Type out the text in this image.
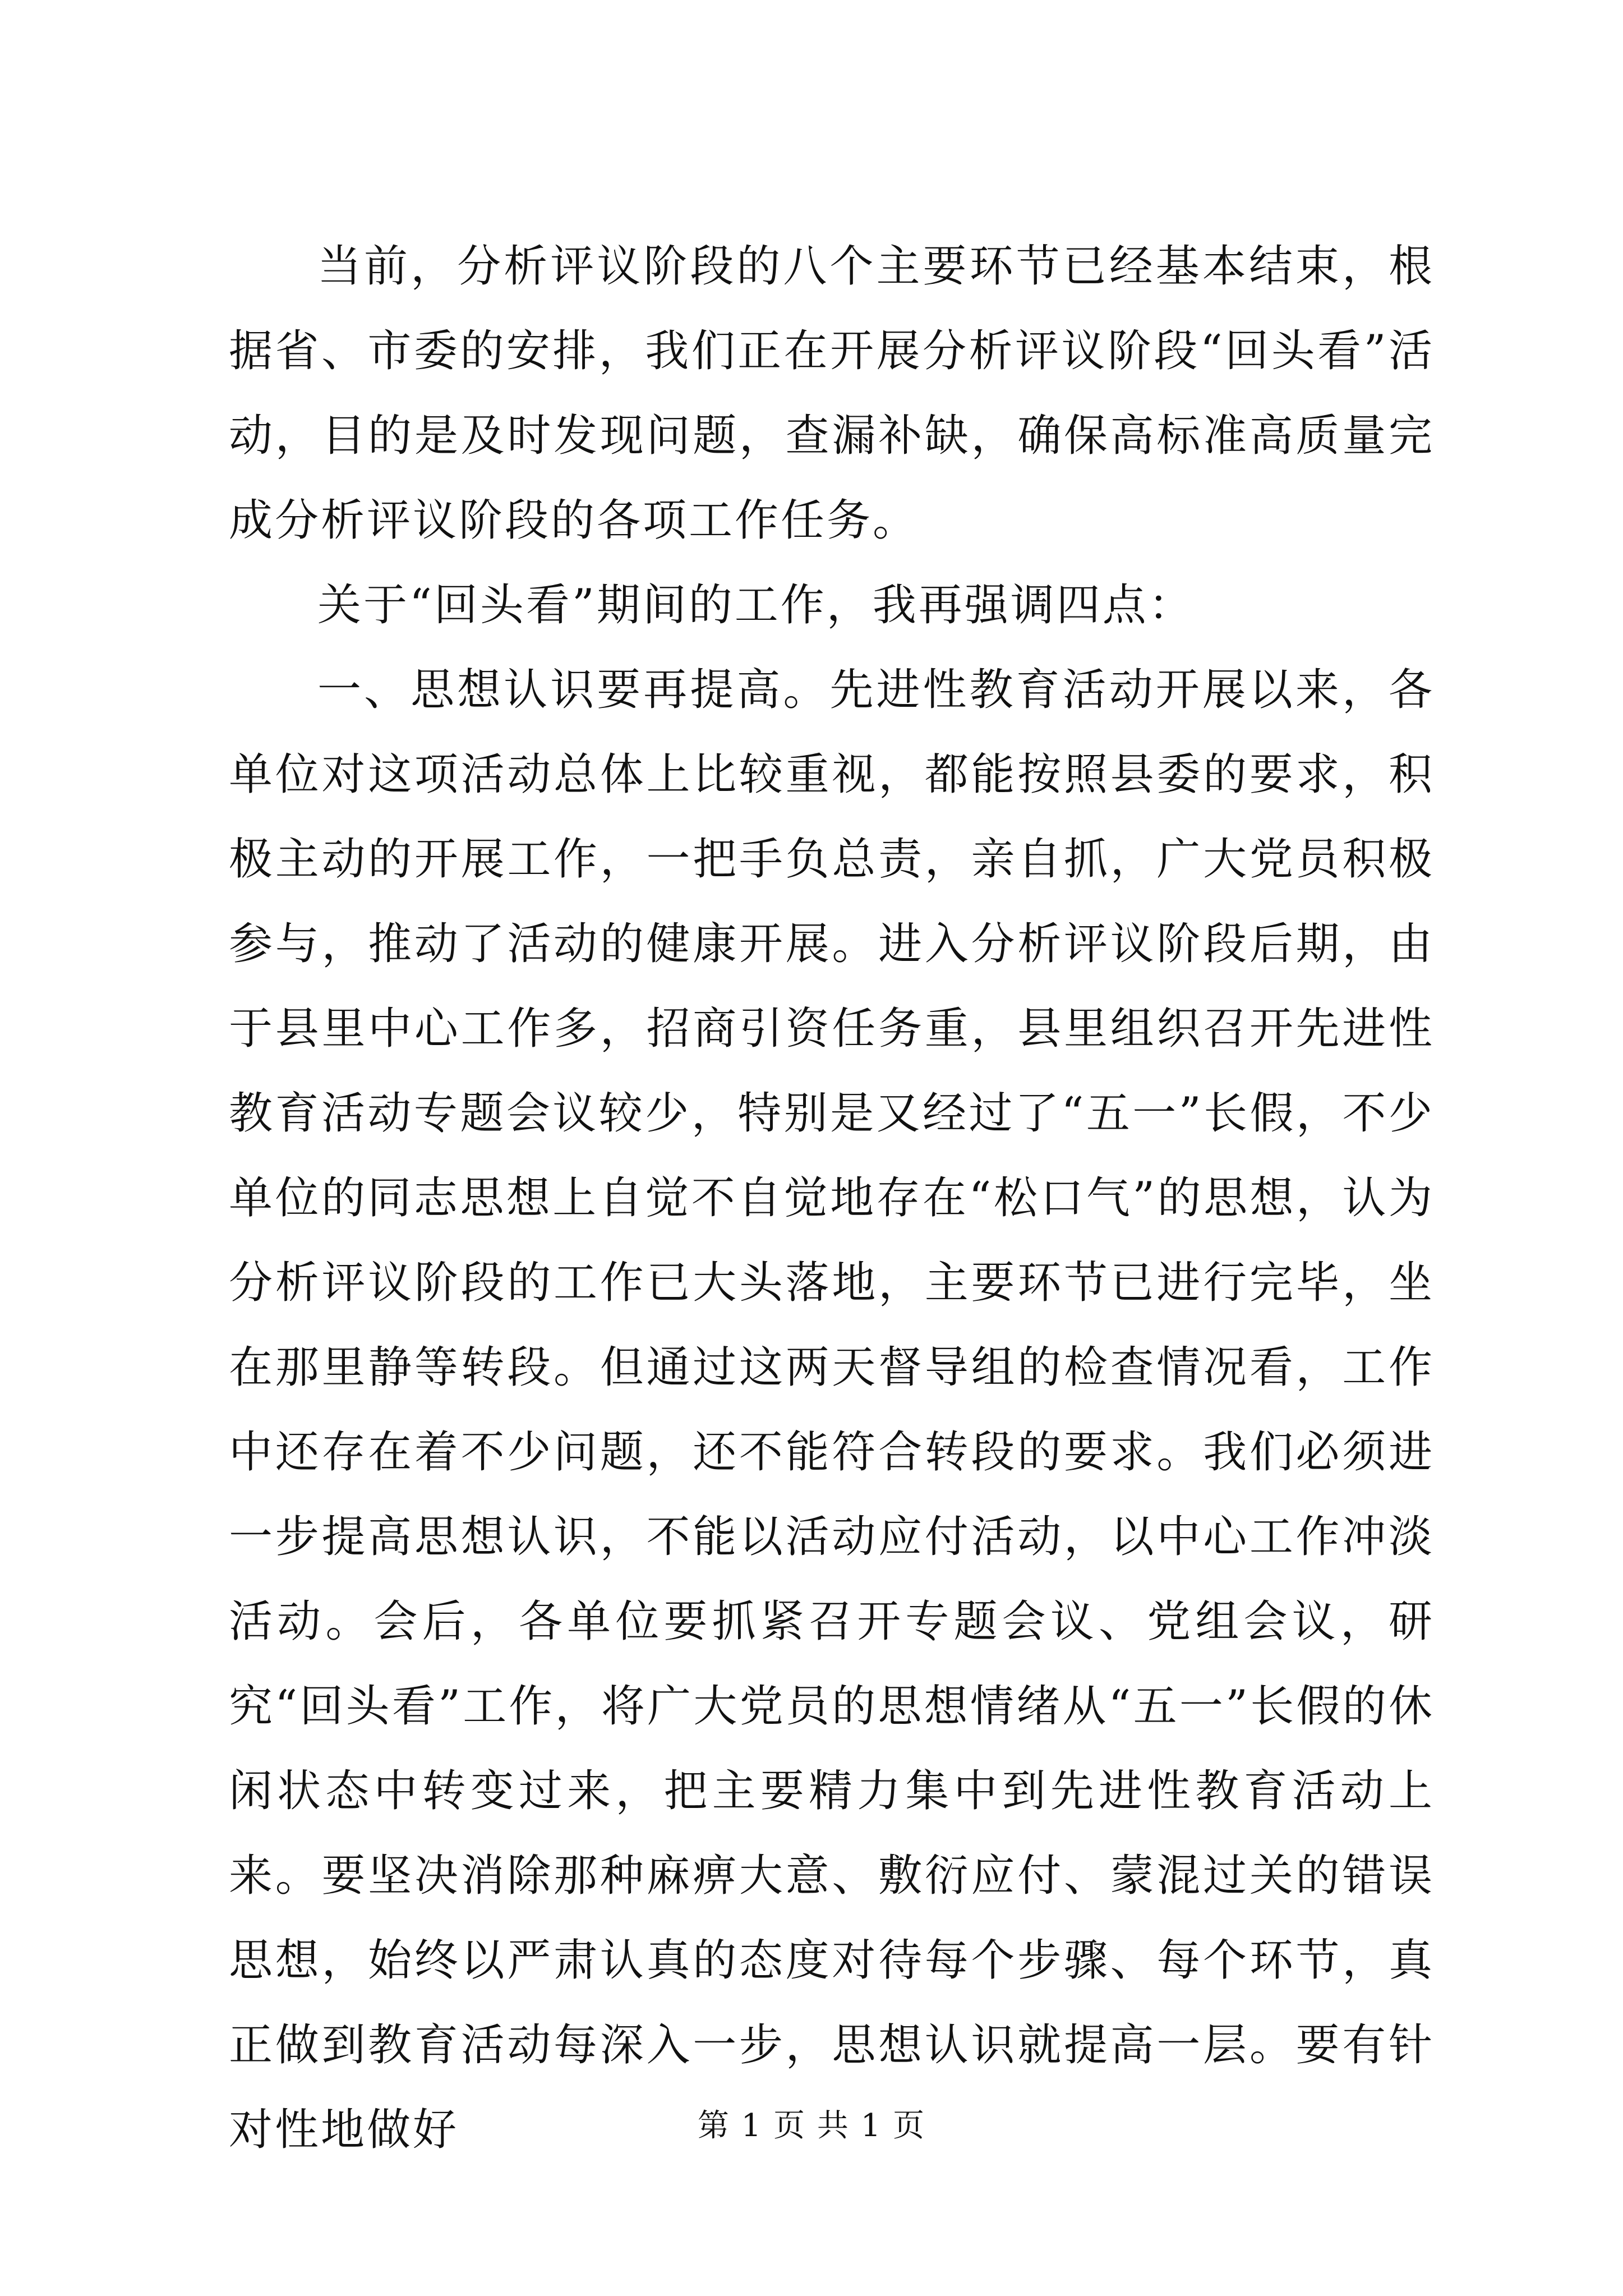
当前，分析评议阶段的八个主要环节已经基本结束，根据省、市委的安排，我们正在开展分析评议阶段“回头看”活动，目的是及时发现问题，查漏补缺，确保高标准高质量完成分析评议阶段的各项工作任务。

关于“回头看”期间的工作，我再强调四点：

一、思想认识要再提高。先进性教育活动开展以来，各单位对这项活动总体上比较重视，都能按照县委的要求，积极主动的开展工作，一把手负总责，亲自抓，广大党员积极参与，推动了活动的健康开展。进入分析评议阶段后期，由于县里中心工作多，招商引资任务重，县里组织召开先进性教育活动专题会议较少，特别是又经过了“五一”长假，不少单位的同志思想上自觉不自觉地存在“松口气”的思想，认为分析评议阶段的工作已大头落地，主要环节已进行完毕，坐在那里静等转段。但通过这两天督导组的检查情况看，工作中还存在着不少问题，还不能符合转段的要求。我们必须进一步提高思想认识，不能以活动应付活动，以中心工作冲淡活动。会后，各单位要抓紧召开专题会议、党组会议，研究“回头看”工作，将广大党员的思想情绪从“五一”长假的休闲状态中转变过来，把主要精力集中到先进性教育活动上来。要坚决消除那种麻痹大意、敷衍应付、蒙混过关的错误思想，始终以严肃认真的态度对待每个步骤、每个环节，真正做到教育活动每深入一步，思想认识就提高一层。要有针对性地做好	第 1 页 共 1 页
